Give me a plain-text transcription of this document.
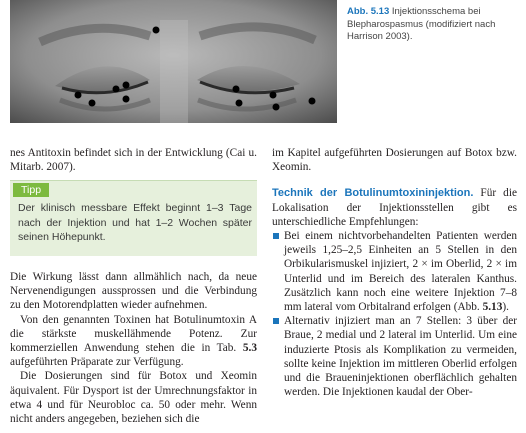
Abb. 5.13 Injektionsschema bei Blepharospasmus (modifiziert nach Harrison 2003).

nes Antitoxin befindet sich in der Entwicklung (Cai u. Mitarb. 2007).

Tipp
Der klinisch messbare Effekt beginnt 1–3 Tage nach der Injektion und hat 1–2 Wochen später seinen Höhepunkt.

Die Wirkung lässt dann allmählich nach, da neue Nervenendigungen aussprossen und die Verbindung zu den Motorendplatten wieder aufnehmen.

Von den genannten Toxinen hat Botulinumtoxin A die stärkste muskellähmende Potenz. Zur kommerziellen Anwendung stehen die in Tab. 5.3 aufgeführten Präparate zur Verfügung.

Die Dosierungen sind für Botox und Xeomin äquivalent. Für Dysport ist der Umrechnungsfaktor in etwa 4 und für Neurobloc ca. 50 oder mehr. Wenn nicht anders angegeben, beziehen sich die

im Kapitel aufgeführten Dosierungen auf Botox bzw. Xeomin.

Technik der Botulinumtoxininjektion. Für die Lokalisation der Injektionsstellen gibt es unterschiedliche Empfehlungen:

Bei einem nichtvorbehandelten Patienten werden jeweils 1,25–2,5 Einheiten an 5 Stellen in den Orbikularismuskel injiziert, 2 × im Oberlid, 2 × im Unterlid und im Bereich des lateralen Kanthus. Zusätzlich kann noch eine weitere Injektion 7–8 mm lateral vom Orbitalrand erfolgen (Abb. 5.13).

Alternativ injiziert man an 7 Stellen: 3 über der Braue, 2 medial und 2 lateral im Unterlid. Um eine induzierte Ptosis als Komplikation zu vermeiden, sollte keine Injektion im mittleren Oberlid erfolgen und die Braueninjektionen oberflächlich gehalten werden. Die Injektionen kaudal der Ober-
